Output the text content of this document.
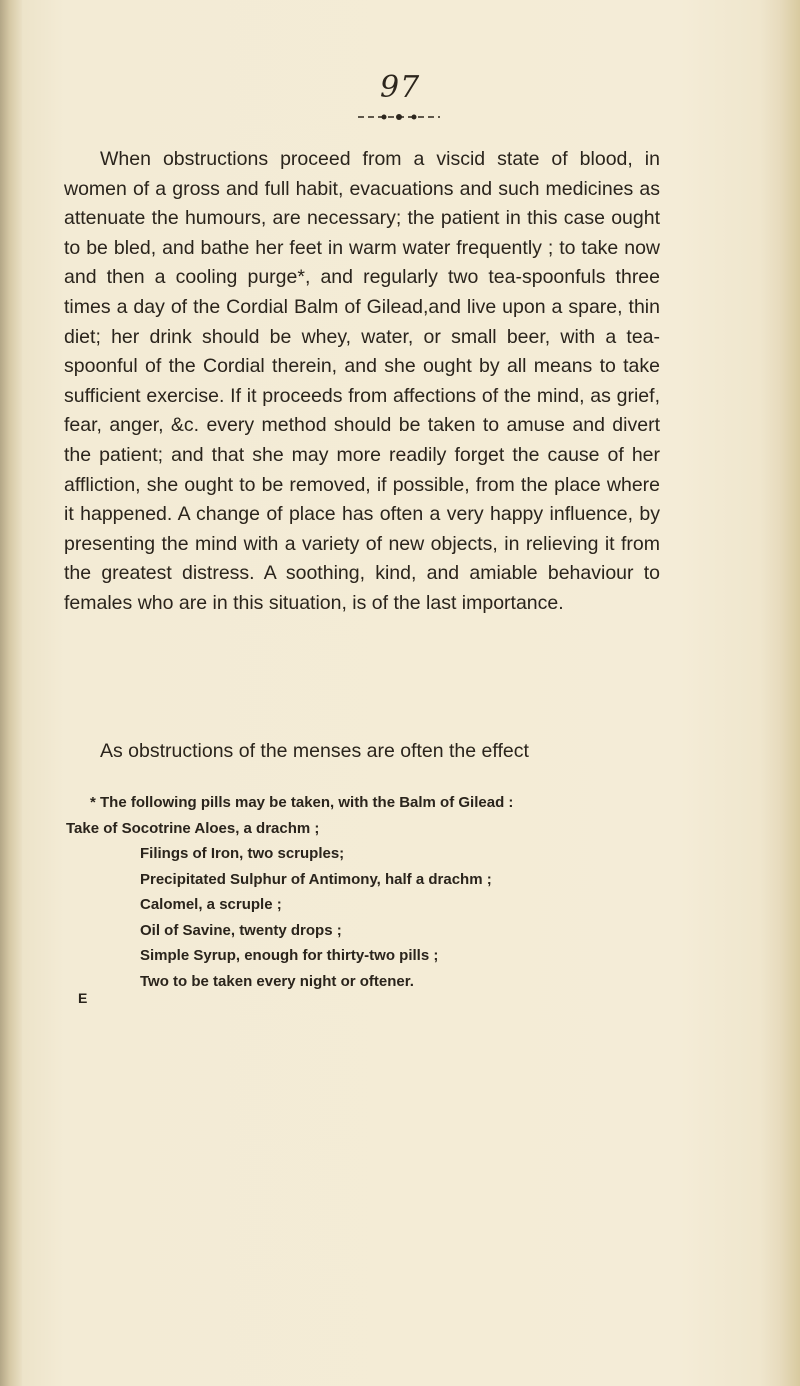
97

When obstructions proceed from a viscid state of blood, in women of a gross and full habit, evacuations and such medicines as attenuate the humours, are necessary; the patient in this case ought to be bled, and bathe her feet in warm water frequently ; to take now and then a cooling purge*, and regularly two tea-spoonfuls three times a day of the Cordial Balm of Gilead,and live upon a spare, thin diet; her drink should be whey, water, or small beer, with a tea-spoonful of the Cordial therein, and she ought by all means to take sufficient exercise. If it proceeds from affections of the mind, as grief, fear, anger, &c. every method should be taken to amuse and divert the patient; and that she may more readily forget the cause of her affliction, she ought to be removed, if possible, from the place where it happened. A change of place has often a very happy influence, by presenting the mind with a variety of new objects, in relieving it from the greatest distress. A soothing, kind, and amiable behaviour to females who are in this situation, is of the last importance.

As obstructions of the menses are often the effect

* The following pills may be taken, with the Balm of Gilead :
Take of Socotrine Aloes, a drachm ;
Filings of Iron, two scruples;
Precipitated Sulphur of Antimony, half a drachm ;
Calomel, a scruple ;
Oil of Savine, twenty drops ;
Simple Syrup, enough for thirty-two pills ;
Two to be taken every night or oftener.
E
